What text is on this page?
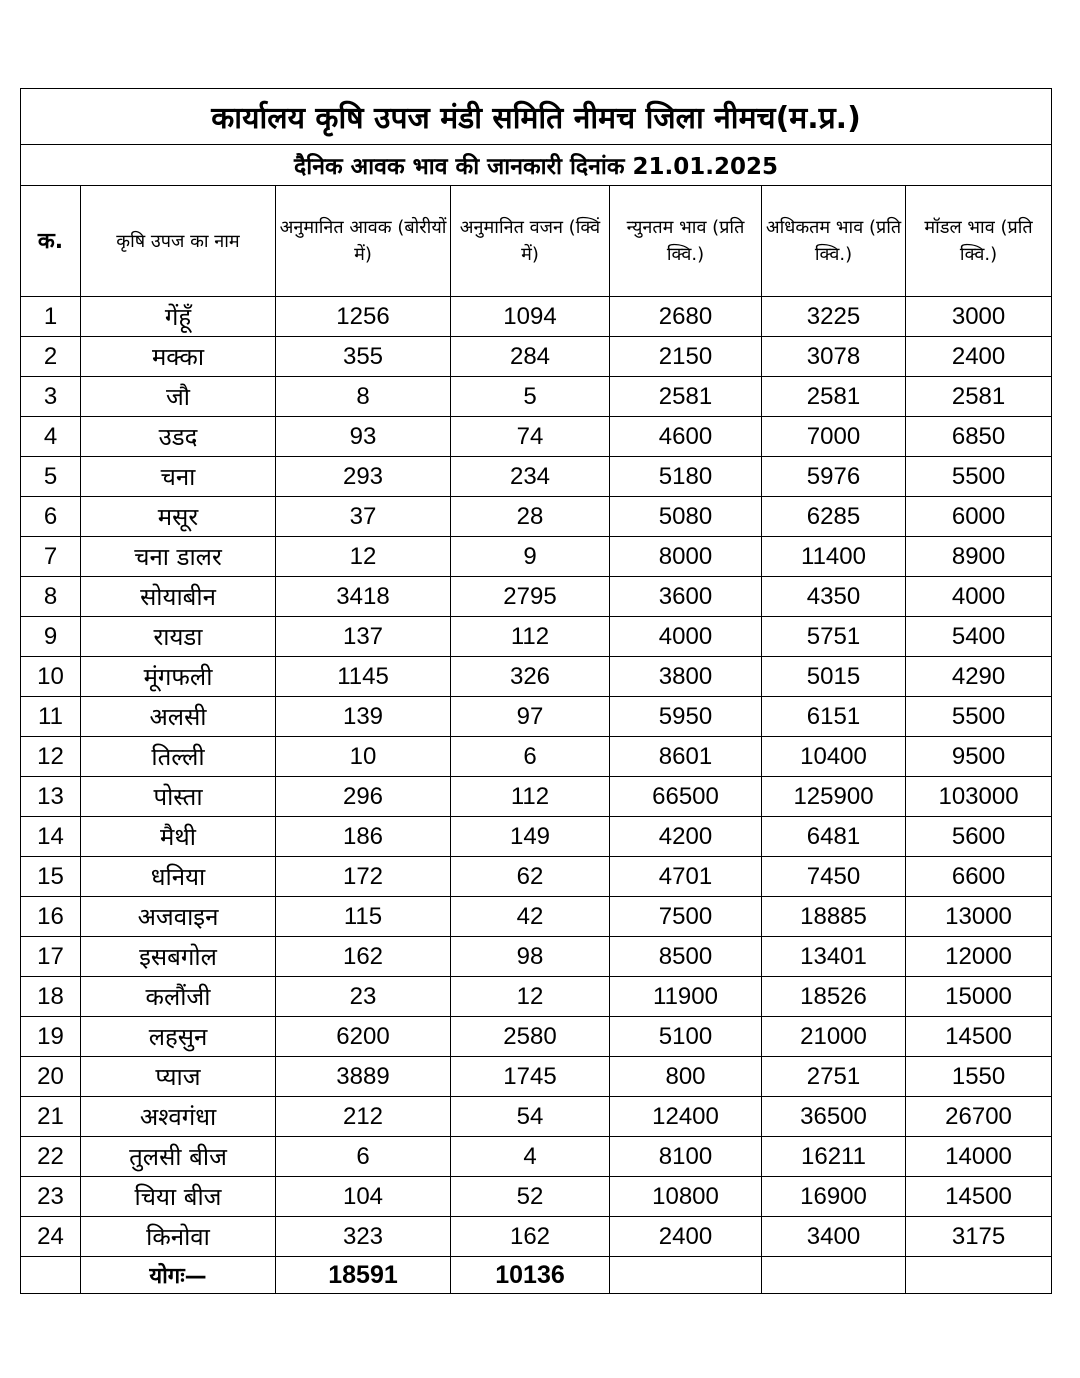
कार्यालय कृषि उपज मंडी समिति नीमच जिला नीमच(म.प्र.)						
दैनिक आवक भाव की जानकारी दिनांक 21.01.2025						
क.	कृषि उपज का नाम	अनुमानित आवक (बोरीयों में)	अनुमानित वजन (क्विं में)	न्युनतम भाव (प्रति क्वि.)	अधिकतम भाव (प्रति क्वि.)	मॉडल भाव (प्रति क्वि.)
1	गेंहूँ	1256	1094	2680	3225	3000
2	मक्का	355	284	2150	3078	2400
3	जौ	8	5	2581	2581	2581
4	उडद	93	74	4600	7000	6850
5	चना	293	234	5180	5976	5500
6	मसूर	37	28	5080	6285	6000
7	चना डालर	12	9	8000	11400	8900
8	सोयाबीन	3418	2795	3600	4350	4000
9	रायडा	137	112	4000	5751	5400
10	मूंगफली	1145	326	3800	5015	4290
11	अलसी	139	97	5950	6151	5500
12	तिल्ली	10	6	8601	10400	9500
13	पोस्ता	296	112	66500	125900	103000
14	मैथी	186	149	4200	6481	5600
15	धनिया	172	62	4701	7450	6600
16	अजवाइन	115	42	7500	18885	13000
17	इसबगोल	162	98	8500	13401	12000
18	कलौंजी	23	12	11900	18526	15000
19	लहसुन	6200	2580	5100	21000	14500
20	प्याज	3889	1745	800	2751	1550
21	अश्वगंधा	212	54	12400	36500	26700
22	तुलसी बीज	6	4	8100	16211	14000
23	चिया बीज	104	52	10800	16900	14500
24	किनोवा	323	162	2400	3400	3175
	योगः—	18591	10136			
